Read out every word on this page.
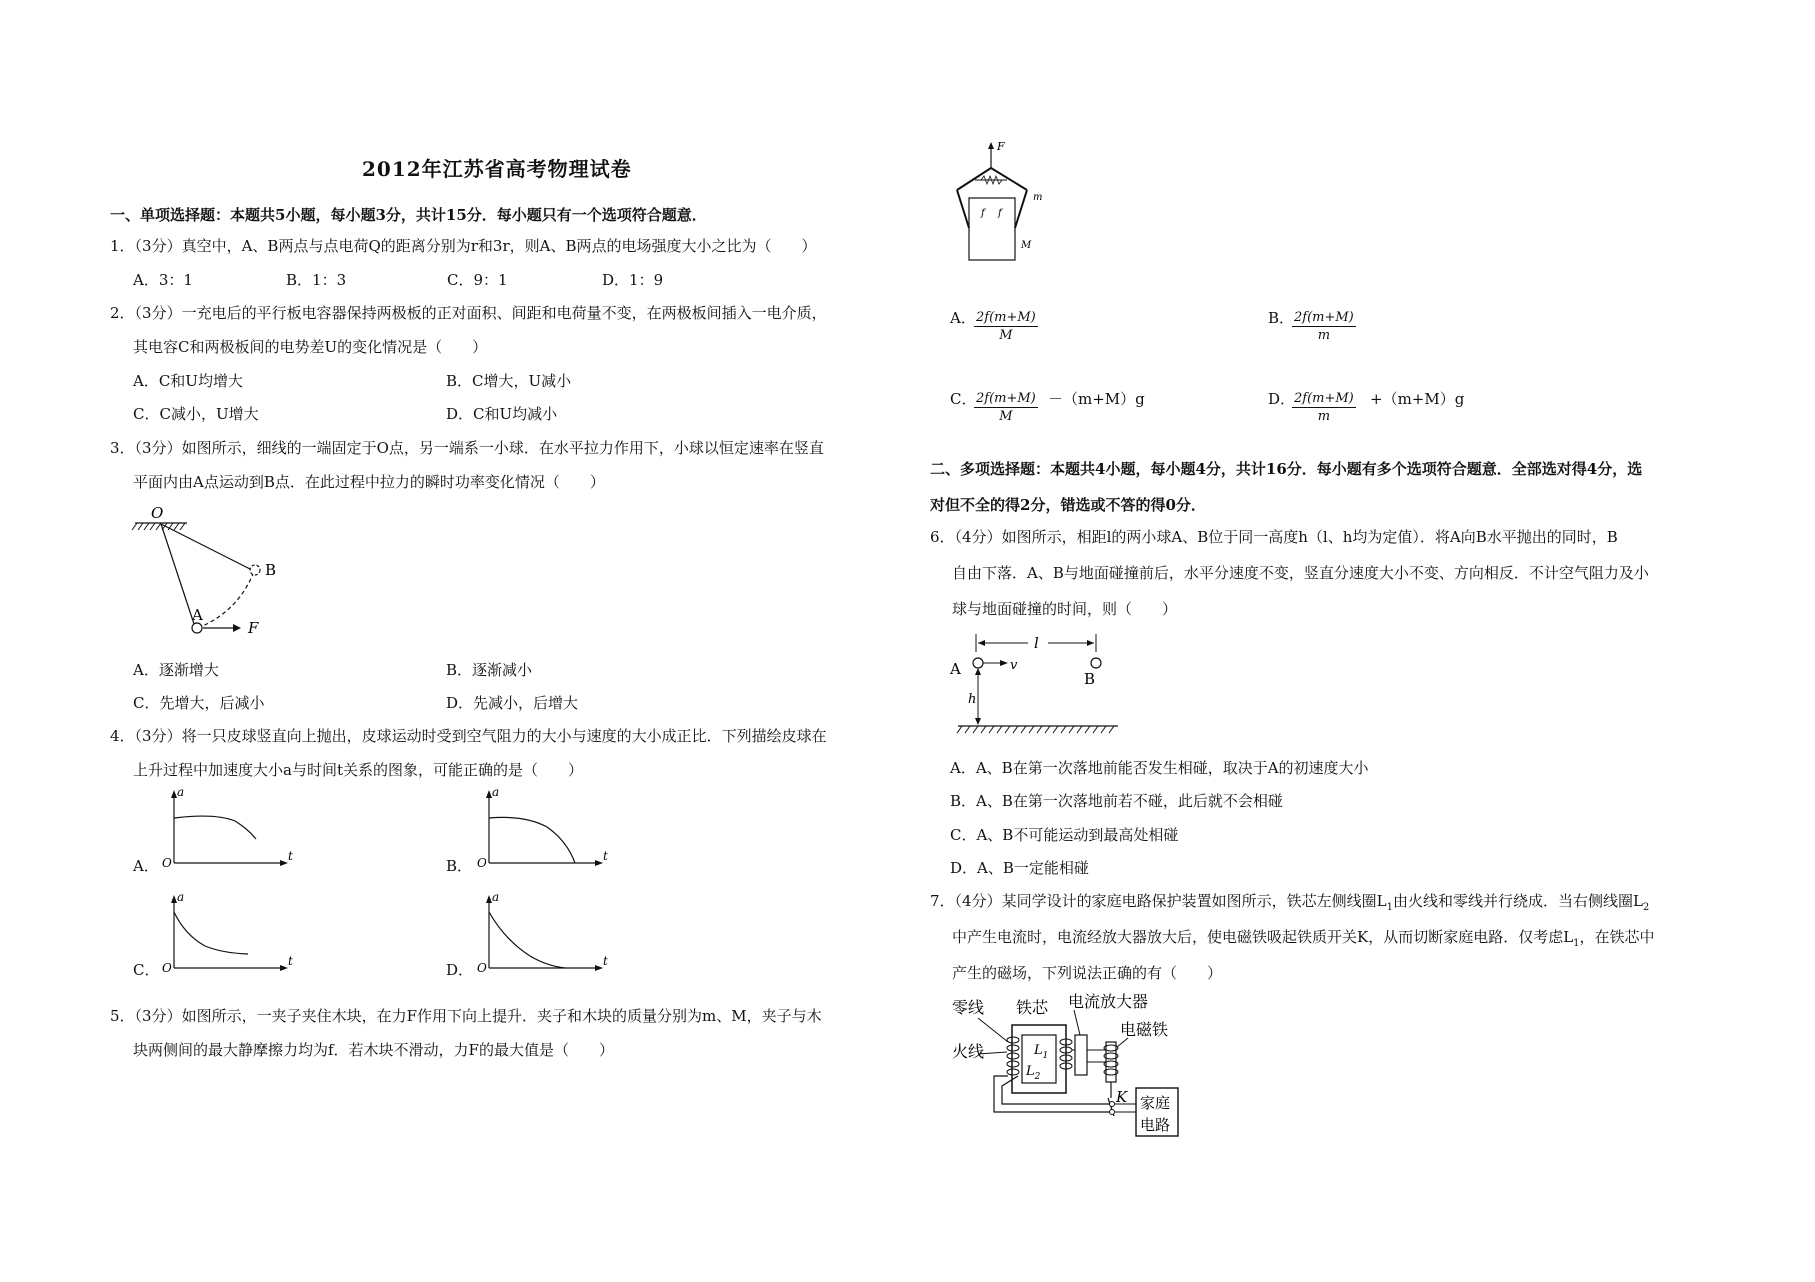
2012年江苏省高考物理试卷
一、单项选择题：本题共5小题，每小题3分，共计15分．每小题只有一个选项符合题意．
1．（3分）真空中，A、B两点与点电荷Q的距离分别为r和3r，则A、B两点的电场强度大小之比为（　　）
A．3：1	B．1：3	C．9：1	D．1：9
2．（3分）一充电后的平行板电容器保持两极板的正对面积、间距和电荷量不变，在两极板间插入一电介质，
其电容C和两极板间的电势差U的变化情况是（　　）
A．C和U均增大	B．C增大，U减小
C．C减小，U增大	D．C和U均减小
3．（3分）如图所示，细线的一端固定于O点，另一端系一小球．在水平拉力作用下，小球以恒定速率在竖直
平面内由A点运动到B点．在此过程中拉力的瞬时功率变化情况（　　）
O
B
A
F
A．逐渐增大	B．逐渐减小
C．先增大，后减小	D．先减小，后增大
4．（3分）将一只皮球竖直向上抛出，皮球运动时受到空气阻力的大小与速度的大小成正比．下列描绘皮球在
上升过程中加速度大小a与时间t关系的图象，可能正确的是（　　）
A．
a
t
O	B．
a
t
O
C．
a
t
O	D．
a
t
O
5．（3分）如图所示，一夹子夹住木块，在力F作用下向上提升．夹子和木块的质量分别为m、M，夹子与木
块两侧间的最大静摩擦力均为f．若木块不滑动，力F的最大值是（　　）
F
f f
m
M
A．
$\frac{2f(m+M)}{M}$	B．
$\frac{2f(m+M)}{m}$
C．
$\frac{2f(m+M)}{M} -(m+M)g$	D．
$\frac{2f(m+M)}{m} +(m+M)g$
二、多项选择题：本题共4小题，每小题4分，共计16分．每小题有多个选项符合题意．全部选对得4分，选
对但不全的得2分，错选或不答的得0分．
6．（4分）如图所示，相距l的两小球A、B位于同一高度h（l、h均为定值）．将A向B水平抛出的同时，B
自由下落．A、B与地面碰撞前后，水平分速度不变，竖直分速度大小不变、方向相反．不计空气阻力及小
球与地面碰撞的时间，则（　　）
l
A
B
v
h
A．A、B在第一次落地前能否发生相碰，取决于A的初速度大小
B．A、B在第一次落地前若不碰，此后就不会相碰
C．A、B不可能运动到最高处相碰
D．A、B一定能相碰
7．（4分）某同学设计的家庭电路保护装置如图所示，铁芯左侧线圈$L_1$由火线和零线并行绕成．当右侧线圈$L_2$
中产生电流时，电流经放大器放大后，使电磁铁吸起铁质开关K，从而切断家庭电路．仅考虑$L_1$，在铁芯中
产生的磁场，下列说法正确的有（　　）
零线 铁芯 电流放大器
火线
电磁铁
$L_1$
$L_2$
K 家庭
电路
